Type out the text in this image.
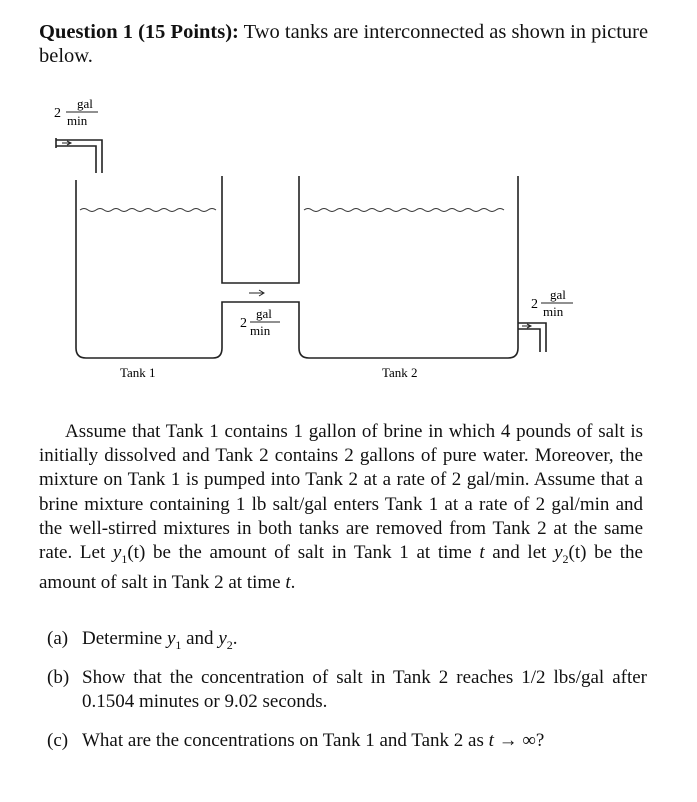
Question 1 (15 Points): Two tanks are interconnected as shown in picture below.
2
gal
min
2
gal
min
2
gal
min
Tank 1	Tank 2

Assume that Tank 1 contains 1 gallon of brine in which 4 pounds of salt is initially dissolved and Tank 2 contains 2 gallons of pure water. Moreover, the mixture on Tank 1 is pumped into Tank 2 at a rate of 2 gal/min. Assume that a brine mixture containing 1 lb salt/gal enters Tank 1 at a rate of 2 gal/min and the well-stirred mixtures in both tanks are removed from Tank 2 at the same rate. Let $y_1(t)$ be the amount of salt in Tank 1 at time t and let $y_2(t)$ be the amount of salt in Tank 2 at time t.

(a) Determine $y_1$ and $y_2$.
(b) Show that the concentration of salt in Tank 2 reaches 1/2 lbs/gal after 0.1504 minutes or 9.02 seconds.
(c) What are the concentrations on Tank 1 and Tank 2 as t → ∞?
